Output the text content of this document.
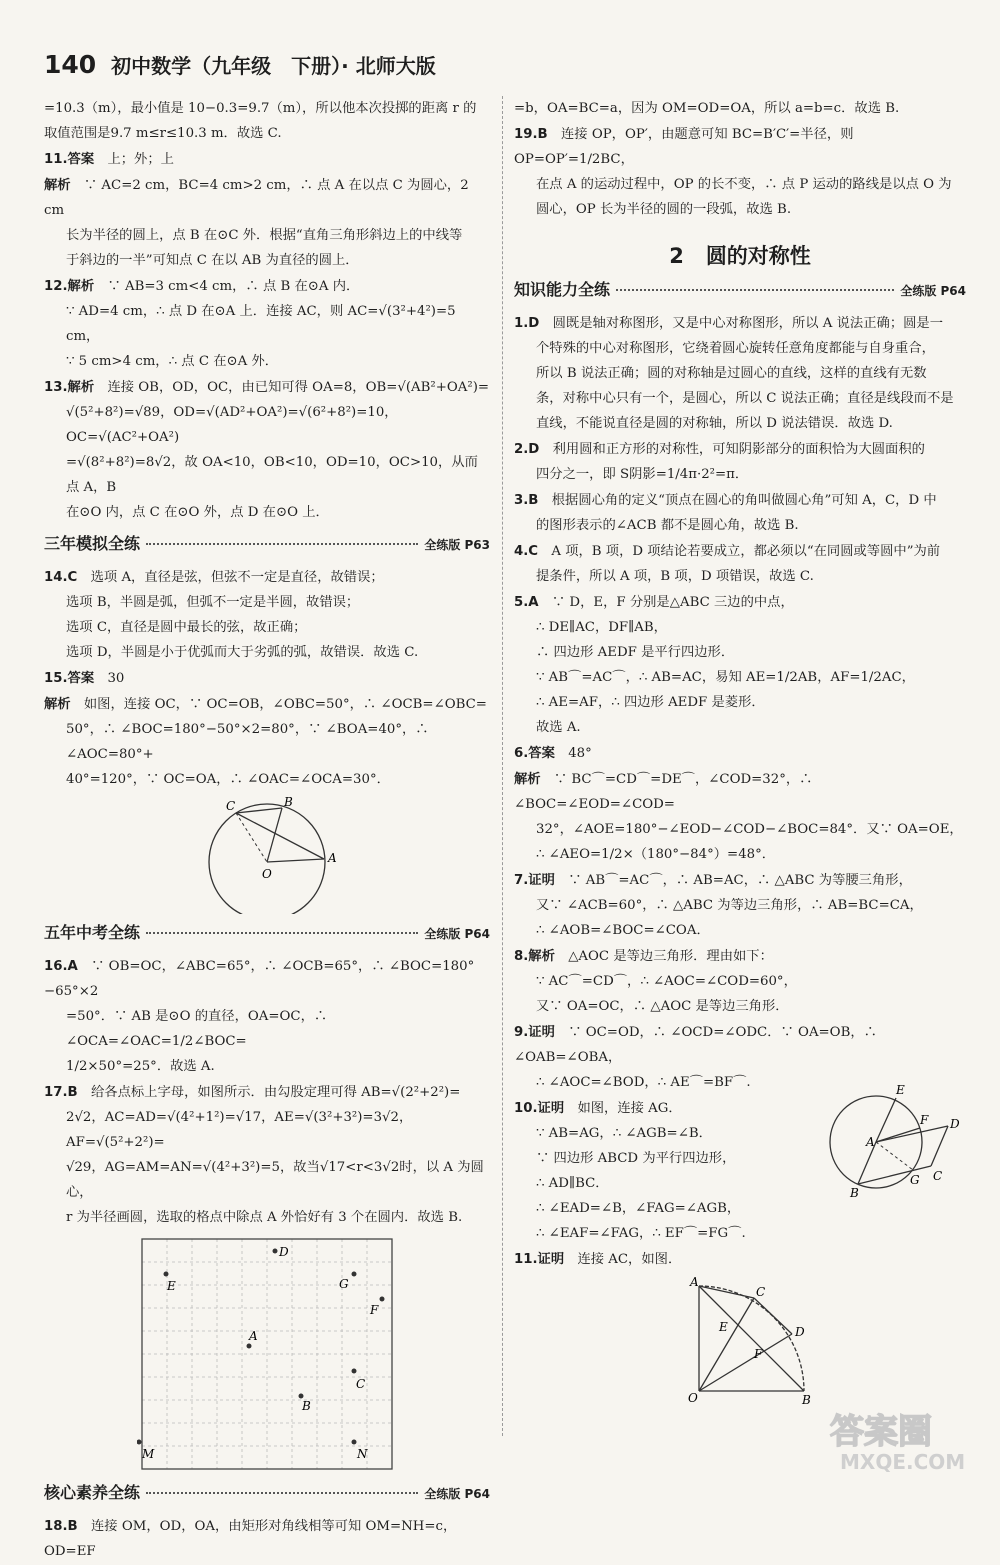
140 初中数学（九年级　下册）· 北师大版

=10.3（m），最小值是 10−0.3=9.7（m），所以他本次投掷的距离 r 的

取值范围是9.7 m≤r≤10.3 m．故选 C.

11.答案　 上；外；上

解析　 ∵ AC=2 cm，BC=4 cm>2 cm，∴ 点 A 在以点 C 为圆心，2 cm

长为半径的圆上，点 B 在⊙C 外．根据“直角三角形斜边上的中线等

于斜边的一半”可知点 C 在以 AB 为直径的圆上．

12.解析　 ∵ AB=3 cm<4 cm，∴ 点 B 在⊙A 内．

∵ AD=4 cm，∴ 点 D 在⊙A 上．连接 AC，则 AC=√(3²+4²)=5 cm，

∵ 5 cm>4 cm，∴ 点 C 在⊙A 外．

13.解析　 连接 OB，OD，OC，由已知可得 OA=8，OB=√(AB²+OA²)=

√(5²+8²)=√89，OD=√(AD²+OA²)=√(6²+8²)=10，OC=√(AC²+OA²)

=√(8²+8²)=8√2，故 OA<10，OB<10，OD=10，OC>10，从而点 A，B

在⊙O 内，点 C 在⊙O 外，点 D 在⊙O 上．

三年模拟全练	全练版 P63

14.C　 选项 A，直径是弦，但弦不一定是直径，故错误；

选项 B，半圆是弧，但弧不一定是半圆，故错误；

选项 C，直径是圆中最长的弦，故正确；

选项 D，半圆是小于优弧而大于劣弧的弧，故错误．故选 C.

15.答案　 30

解析　 如图，连接 OC，∵ OC=OB，∠OBC=50°，∴ ∠OCB=∠OBC=

50°，∴ ∠BOC=180°−50°×2=80°，∵ ∠BOA=40°，∴ ∠AOC=80°+

40°=120°，∵ OC=OA，∴ ∠OAC=∠OCA=30°．

C	B
A
O
五年中考全练	全练版 P64

16.A　 ∵ OB=OC，∠ABC=65°，∴ ∠OCB=65°，∴ ∠BOC=180°−65°×2

=50°．∵ AB 是⊙O 的直径，OA=OC，∴ ∠OCA=∠OAC=1/2∠BOC=

1/2×50°=25°．故选 A.

17.B　 给各点标上字母，如图所示．由勾股定理可得 AB=√(2²+2²)=

2√2，AC=AD=√(4²+1²)=√17，AE=√(3²+3²)=3√2，AF=√(5²+2²)=

√29，AG=AM=AN=√(4²+3²)=5，故当√17<r<3√2时，以 A 为圆心，

r 为半径画圆，选取的格点中除点 A 外恰好有 3 个在圆内．故选 B.

D
E	G
F
A
C
B
M	N
核心素养全练	全练版 P64

18.B　 连接 OM，OD，OA，由矩形对角线相等可知 OM=NH=c，OD=EF

=b，OA=BC=a，因为 OM=OD=OA，所以 a=b=c．故选 B.

19.B　 连接 OP，OP′，由题意可知 BC=B′C′=半径，则 OP=OP′=1/2BC，

在点 A 的运动过程中，OP 的长不变，∴ 点 P 运动的路线是以点 O 为

圆心，OP 长为半径的圆的一段弧，故选 B.

2 圆的对称性
知识能力全练	全练版 P64

1.D　 圆既是轴对称图形，又是中心对称图形，所以 A 说法正确；圆是一

个特殊的中心对称图形，它绕着圆心旋转任意角度都能与自身重合，

所以 B 说法正确；圆的对称轴是过圆心的直线，这样的直线有无数

条，对称中心只有一个，是圆心，所以 C 说法正确；直径是线段而不是

直线，不能说直径是圆的对称轴，所以 D 说法错误．故选 D.

2.D　 利用圆和正方形的对称性，可知阴影部分的面积恰为大圆面积的

四分之一，即 S阴影=1/4π·2²=π．

3.B　 根据圆心角的定义“顶点在圆心的角叫做圆心角”可知 A，C，D 中

的图形表示的∠ACB 都不是圆心角，故选 B.

4.C　 A 项，B 项，D 项结论若要成立，都必须以“在同圆或等圆中”为前

提条件，所以 A 项，B 项，D 项错误，故选 C.

5.A　 ∵ D，E，F 分别是△ABC 三边的中点，

∴ DE∥AC，DF∥AB，

∴ 四边形 AEDF 是平行四边形．

∵ AB⌒=AC⌒，∴ AB=AC，易知 AE=1/2AB，AF=1/2AC，

∴ AE=AF，∴ 四边形 AEDF 是菱形．

故选 A.

6.答案　 48°

解析　 ∵ BC⌒=CD⌒=DE⌒，∠COD=32°，∴ ∠BOC=∠EOD=∠COD=

32°，∠AOE=180°−∠EOD−∠COD−∠BOC=84°．又∵ OA=OE，

∴ ∠AEO=1/2×（180°−84°）=48°．

7.证明　 ∵ AB⌒=AC⌒，∴ AB=AC，∴ △ABC 为等腰三角形，

又∵ ∠ACB=60°，∴ △ABC 为等边三角形，∴ AB=BC=CA，

∴ ∠AOB=∠BOC=∠COA．

8.解析　 △AOC 是等边三角形．理由如下：

∵ AC⌒=CD⌒，∴ ∠AOC=∠COD=60°，

又∵ OA=OC，∴ △AOC 是等边三角形．

9.证明　 ∵ OC=OD，∴ ∠OCD=∠ODC．∵ OA=OB，∴ ∠OAB=∠OBA，

∴ ∠AOC=∠BOD，∴ AE⌒=BF⌒.

10.证明　 如图，连接 AG．

∵ AB=AG，∴ ∠AGB=∠B．

∵ 四边形 ABCD 为平行四边形，

∴ AD∥BC．

∴ ∠EAD=∠B，∠FAG=∠AGB，

∴ ∠EAF=∠FAG，∴ EF⌒=FG⌒.

11.证明　 连接 AC，如图．

A
C
E	D
F
O	B
E
F D
A
B
G C
答案圈
MXQE.COM
